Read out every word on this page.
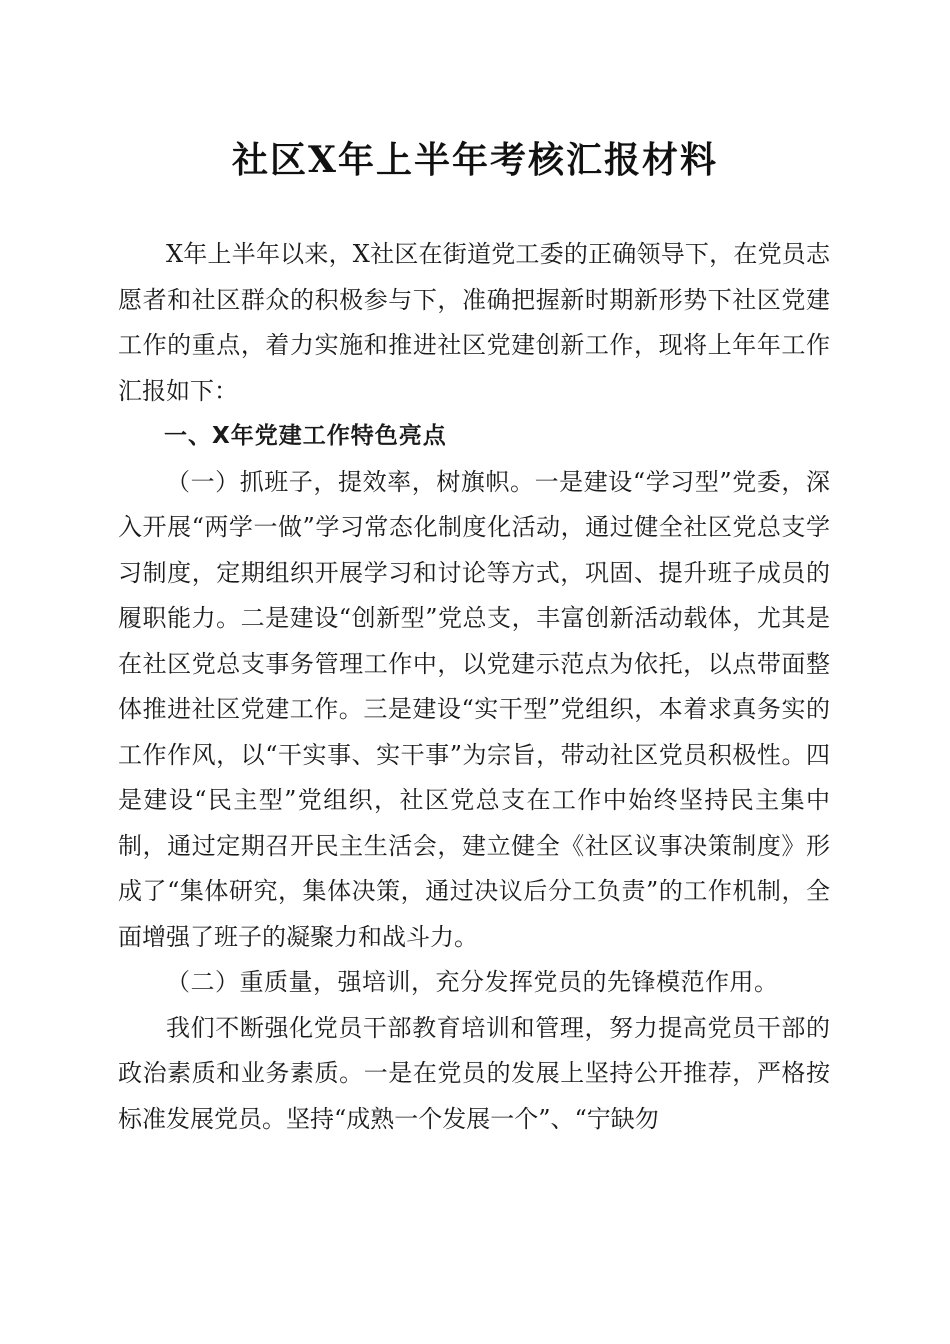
社区X年上半年考核汇报材料

X年上半年以来，X社区在街道党工委的正确领导下，在党员志愿者和社区群众的积极参与下，准确把握新时期新形势下社区党建工作的重点，着力实施和推进社区党建创新工作，现将上年年工作汇报如下：

一、X年党建工作特色亮点

（一）抓班子，提效率，树旗帜。一是建设“学习型”党委，深入开展“两学一做”学习常态化制度化活动，通过健全社区党总支学习制度，定期组织开展学习和讨论等方式，巩固、提升班子成员的履职能力。二是建设“创新型”党总支，丰富创新活动载体，尤其是在社区党总支事务管理工作中，以党建示范点为依托，以点带面整体推进社区党建工作。三是建设“实干型”党组织，本着求真务实的工作作风，以“干实事、实干事”为宗旨，带动社区党员积极性。四是建设“民主型”党组织，社区党总支在工作中始终坚持民主集中制，通过定期召开民主生活会，建立健全《社区议事决策制度》形成了“集体研究，集体决策，通过决议后分工负责”的工作机制，全面增强了班子的凝聚力和战斗力。

（二）重质量，强培训，充分发挥党员的先锋模范作用。

我们不断强化党员干部教育培训和管理，努力提高党员干部的政治素质和业务素质。一是在党员的发展上坚持公开推荐，严格按标准发展党员。坚持“成熟一个发展一个”、“宁缺勿
